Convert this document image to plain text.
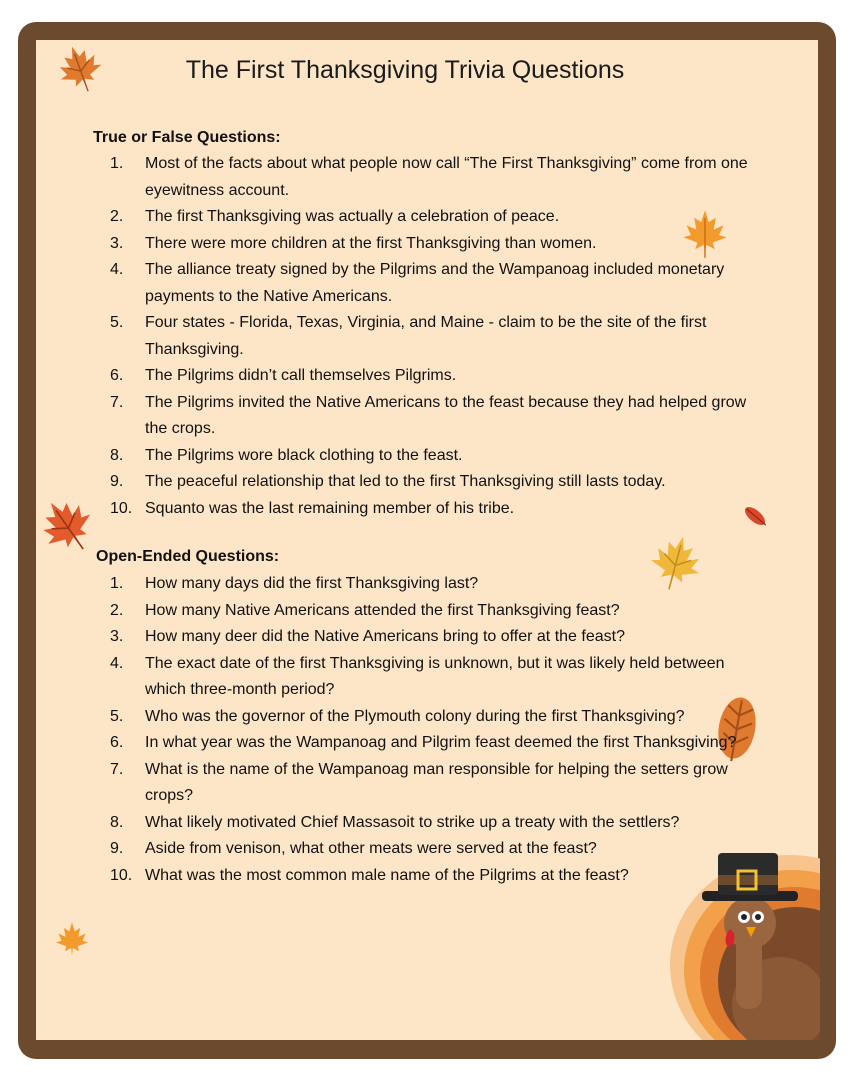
The First Thanksgiving Trivia Questions
True or False Questions:
1. Most of the facts about what people now call “The First Thanksgiving” come from one eyewitness account.
2. The first Thanksgiving was actually a celebration of peace.
3. There were more children at the first Thanksgiving than women.
4. The alliance treaty signed by the Pilgrims and the Wampanoag included monetary payments to the Native Americans.
5. Four states - Florida, Texas, Virginia, and Maine - claim to be the site of the first Thanksgiving.
6. The Pilgrims didn’t call themselves Pilgrims.
7. The Pilgrims invited the Native Americans to the feast because they had helped grow the crops.
8. The Pilgrims wore black clothing to the feast.
9. The peaceful relationship that led to the first Thanksgiving still lasts today.
10. Squanto was the last remaining member of his tribe.
Open-Ended Questions:
1. How many days did the first Thanksgiving last?
2. How many Native Americans attended the first Thanksgiving feast?
3. How many deer did the Native Americans bring to offer at the feast?
4. The exact date of the first Thanksgiving is unknown, but it was likely held between which three-month period?
5. Who was the governor of the Plymouth colony during the first Thanksgiving?
6. In what year was the Wampanoag and Pilgrim feast deemed the first Thanksgiving?
7. What is the name of the Wampanoag man responsible for helping the setters grow crops?
8. What likely motivated Chief Massasoit to strike up a treaty with the settlers?
9. Aside from venison, what other meats were served at the feast?
10. What was the most common male name of the Pilgrims at the feast?
